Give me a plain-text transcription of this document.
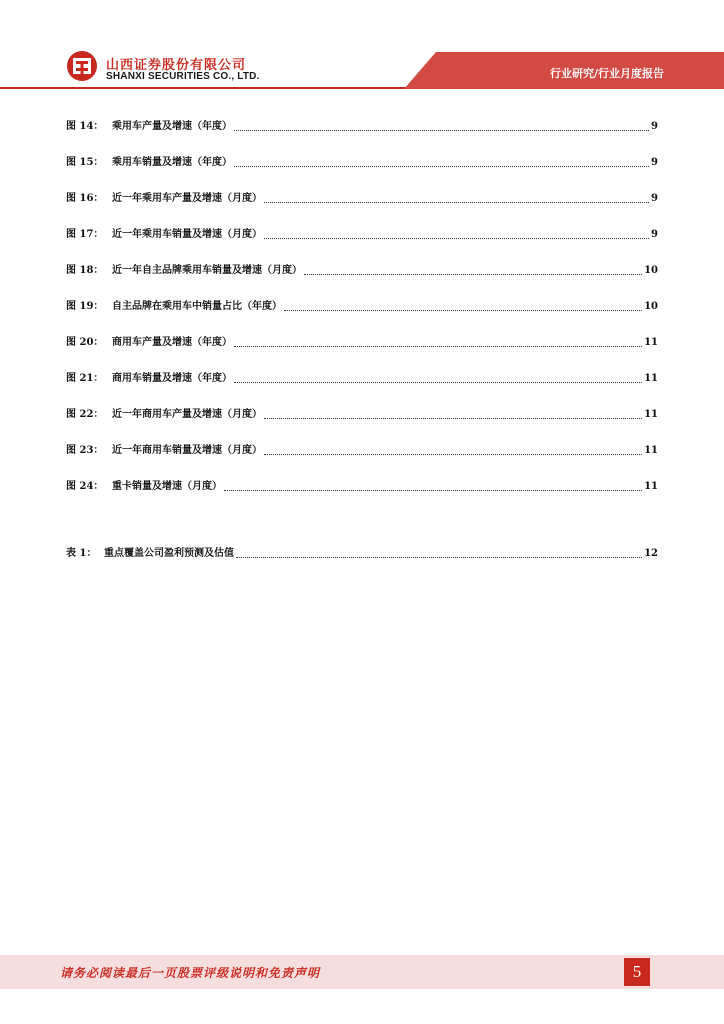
山西证券股份有限公司
SHANXI SECURITIES CO., LTD.	行业研究/行业月度报告
图 14： 乘用车产量及增速（年度）	9
图 15： 乘用车销量及增速（年度）	9
图 16： 近一年乘用车产量及增速（月度）	9
图 17： 近一年乘用车销量及增速（月度）	9
图 18： 近一年自主品牌乘用车销量及增速（月度）	10
图 19： 自主品牌在乘用车中销量占比（年度）	10
图 20： 商用车产量及增速（年度）	11
图 21： 商用车销量及增速（年度）	11
图 22： 近一年商用车产量及增速（月度）	11
图 23： 近一年商用车销量及增速（月度）	11
图 24： 重卡销量及增速（月度）	11
表 1： 重点覆盖公司盈利预测及估值	12
请务必阅读最后一页股票评级说明和免责声明	5
